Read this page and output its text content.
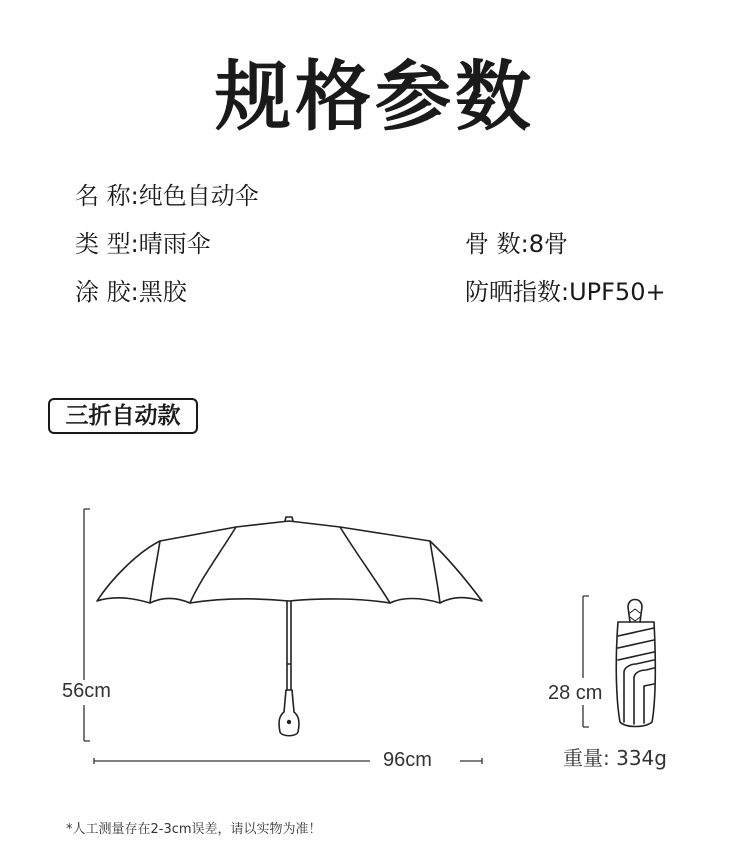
规格参数
名 称:纯色自动伞
类 型:晴雨伞	骨 数:8骨
涂 胶:黑胶	防晒指数:UPF50+
三折自动款
56cm
96cm
28 cm
重量: 334g
*人工测量存在2-3cm误差，请以实物为准！
